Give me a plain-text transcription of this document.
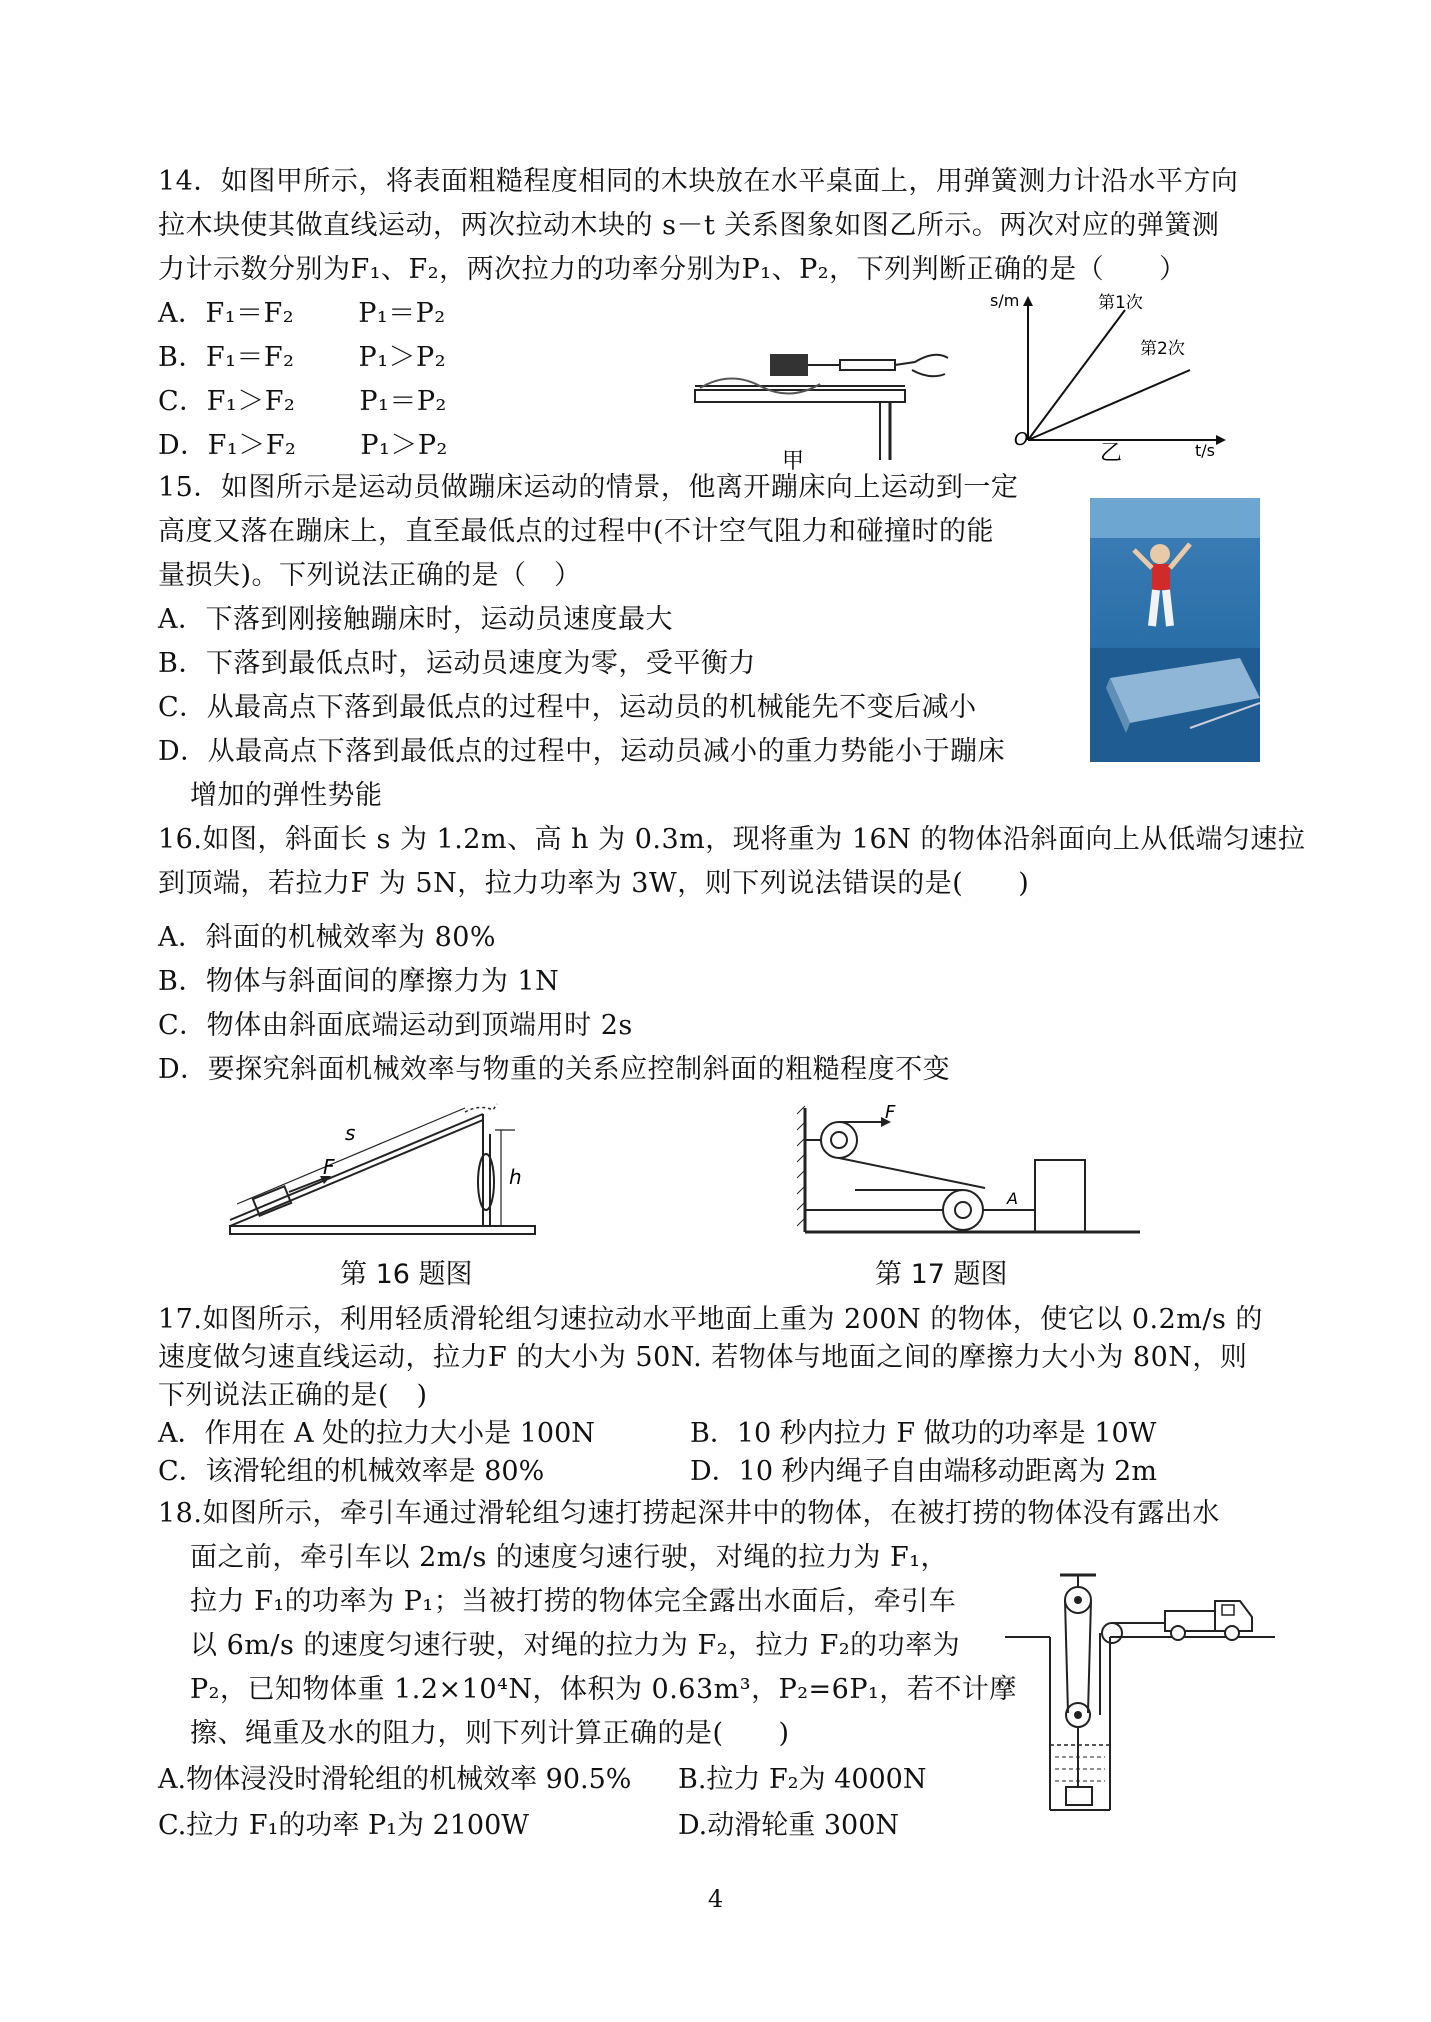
14．如图甲所示，将表面粗糙程度相同的木块放在水平桌面上，用弹簧测力计沿水平方向
拉木块使其做直线运动，两次拉动木块的 s－t 关系图象如图乙所示。两次对应的弹簧测
力计示数分别为F₁、F₂，两次拉力的功率分别为P₁、P₂，下列判断正确的是（　　）
A．F₁＝F₂　　 P₁＝P₂
B．F₁＝F₂　　 P₁＞P₂
C．F₁＞F₂　　 P₁＝P₂
D．F₁＞F₂　　 P₁＞P₂
甲
s/m
t/s
O
第1次
第2次
乙
15．如图所示是运动员做蹦床运动的情景，他离开蹦床向上运动到一定
高度又落在蹦床上，直至最低点的过程中(不计空气阻力和碰撞时的能
量损失)。下列说法正确的是（　）
A．下落到刚接触蹦床时，运动员速度最大
B．下落到最低点时，运动员速度为零，受平衡力
C．从最高点下落到最低点的过程中，运动员的机械能先不变后减小
D．从最高点下落到最低点的过程中，运动员减小的重力势能小于蹦床
增加的弹性势能
16.如图，斜面长 s 为 1.2m、高 h 为 0.3m，现将重为 16N 的物体沿斜面向上从低端匀速拉
到顶端，若拉力F 为 5N，拉力功率为 3W，则下列说法错误的是(　　)
A．斜面的机械效率为 80%
B．物体与斜面间的摩擦力为 1N
C．物体由斜面底端运动到顶端用时 2s
D．要探究斜面机械效率与物重的关系应控制斜面的粗糙程度不变
s
F	h
第 16 题图
F
A
第 17 题图
17.如图所示，利用轻质滑轮组匀速拉动水平地面上重为 200N 的物体，使它以 0.2m/s 的
速度做匀速直线运动，拉力F 的大小为 50N. 若物体与地面之间的摩擦力大小为 80N，则
下列说法正确的是(　)
A．作用在 A 处的拉力大小是 100N	B．10 秒内拉力 F 做功的功率是 10W
C．该滑轮组的机械效率是 80%	D．10 秒内绳子自由端移动距离为 2m
18.如图所示，牵引车通过滑轮组匀速打捞起深井中的物体，在被打捞的物体没有露出水
面之前，牵引车以 2m/s 的速度匀速行驶，对绳的拉力为 F₁，
拉力 F₁的功率为 P₁；当被打捞的物体完全露出水面后，牵引车
以 6m/s 的速度匀速行驶，对绳的拉力为 F₂，拉力 F₂的功率为
P₂，已知物体重 1.2×10⁴N，体积为 0.63m³，P₂=6P₁，若不计摩
擦、绳重及水的阻力，则下列计算正确的是(　　)
A.物体浸没时滑轮组的机械效率 90.5% B.拉力 F₂为 4000N
C.拉力 F₁的功率 P₁为 2100W	D.动滑轮重 300N
4
